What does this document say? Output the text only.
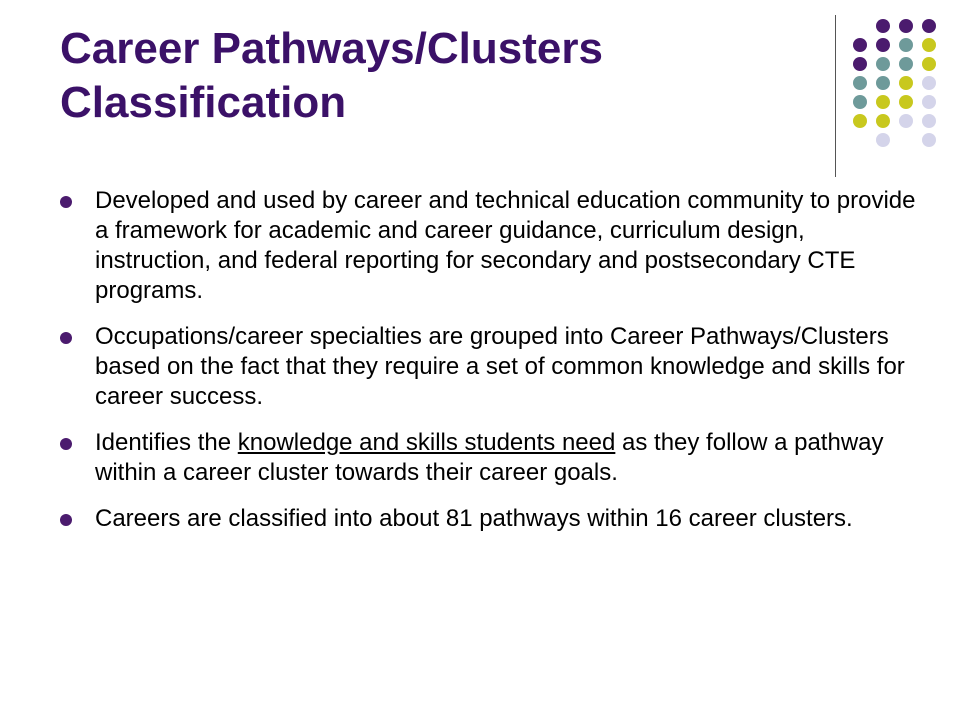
Career Pathways/Clusters Classification
Developed and used by career and technical education community to provide a framework for academic and career guidance, curriculum design, instruction, and federal reporting for secondary and postsecondary CTE programs.
Occupations/career specialties are grouped into Career Pathways/Clusters based on the fact that they require a set of common knowledge and skills for career success.
Identifies the knowledge and skills students need as they follow a pathway within a career cluster towards their career goals.
Careers are classified into about 81 pathways within 16 career clusters.
